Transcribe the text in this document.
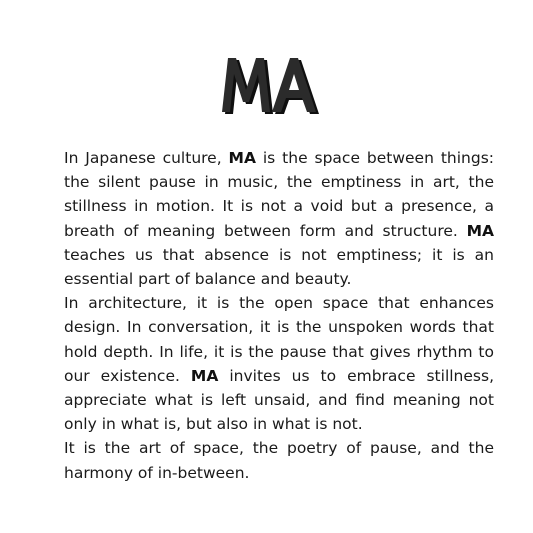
In Japanese culture, MA is the space between things: the silent pause in music, the emptiness in art, the stillness in motion. It is not a void but a presence, a breath of meaning between form and structure. MA teaches us that absence is not emptiness; it is an essential part of balance and beauty.

In architecture, it is the open space that enhances design. In conversation, it is the unspoken words that hold depth. In life, it is the pause that gives rhythm to our existence. MA invites us to embrace stillness, appreciate what is left unsaid, and find meaning not only in what is, but also in what is not.

It is the art of space, the poetry of pause, and the harmony of in-between.
